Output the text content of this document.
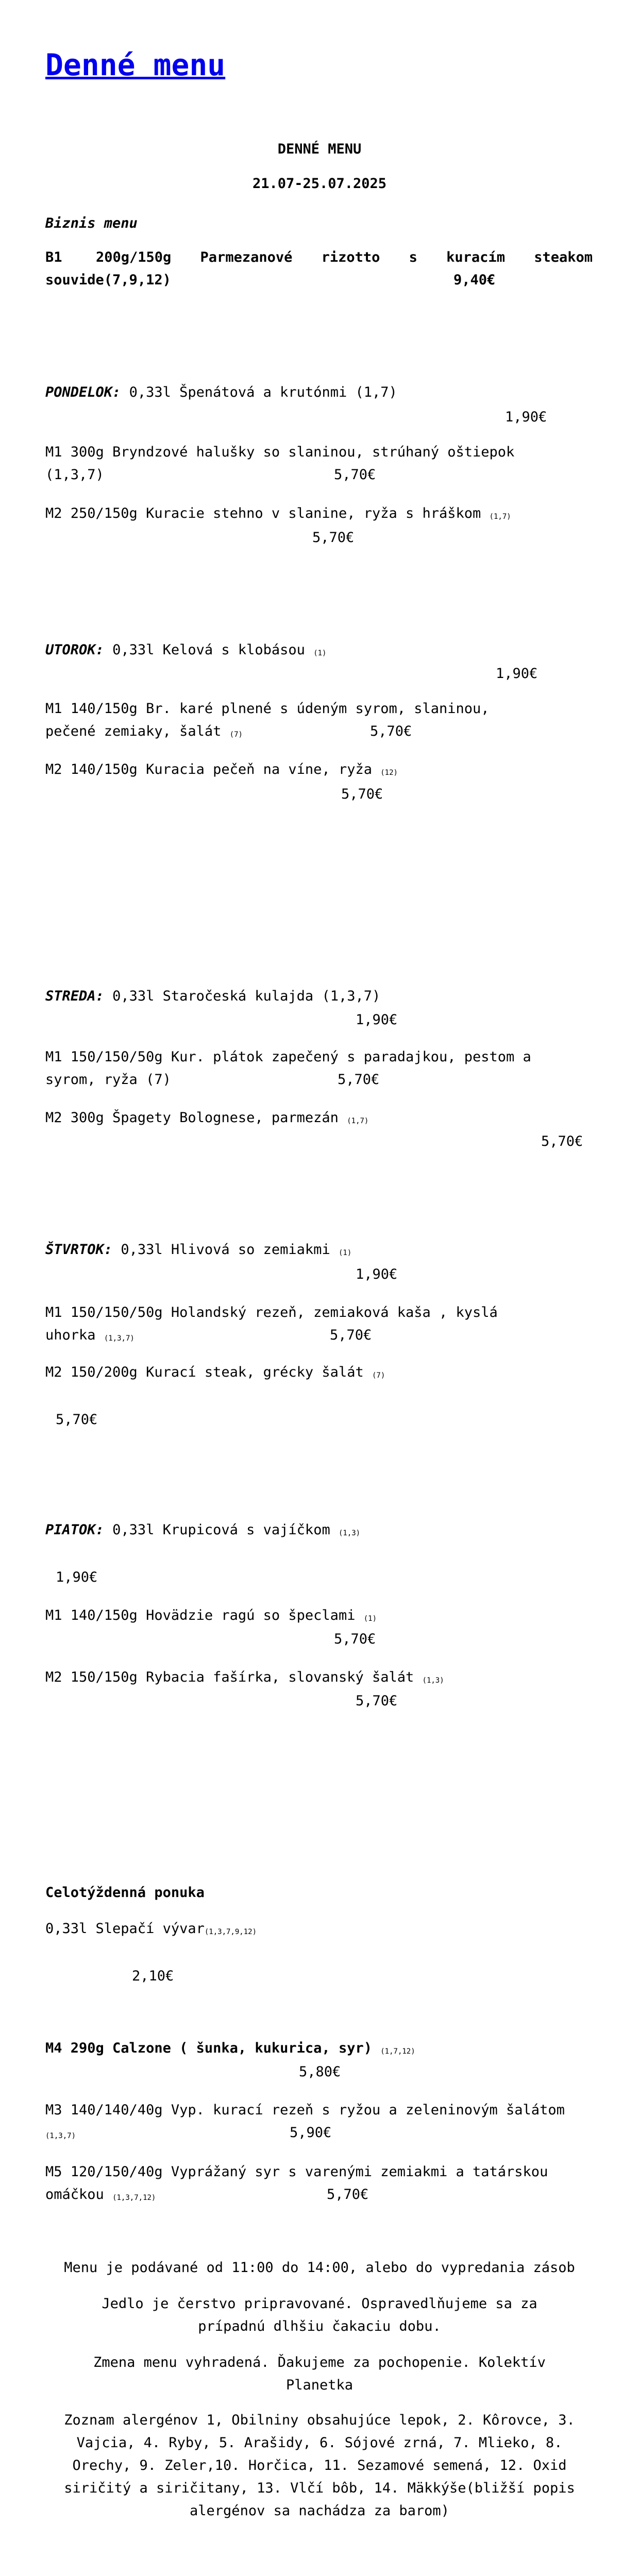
Denné menu
DENNÉ MENU
21.07-25.07.2025
Biznis menu
B1 200g/150g Parmezanové rizotto s kuracím steakom
souvide(7,9,12)	9,40€
PONDELOK: 0,33l Špenátová a krutónmi (1,7)
1,90€
M1 300g Bryndzové halušky so slaninou, strúhaný oštiepok
(1,3,7)	5,70€
M2 250/150g Kuracie stehno v slanine, ryža s hráškom (1,7)
5,70€
UTOROK: 0,33l Kelová s klobásou (1)
1,90€
M1 140/150g Br. karé plnené s údeným syrom, slaninou,
pečené zemiaky, šalát (7)	5,70€
M2 140/150g Kuracia pečeň na víne, ryža (12)
5,70€
STREDA: 0,33l Staročeská kulajda (1,3,7)
1,90€
M1 150/150/50g Kur. plátok zapečený s paradajkou, pestom a
syrom, ryža (7)	5,70€
M2 300g Špagety Bolognese, parmezán (1,7)
5,70€
ŠTVRTOK: 0,33l Hlivová so zemiakmi (1)
1,90€
M1 150/150/50g Holandský rezeň, zemiaková kaša , kyslá
uhorka (1,3,7)	5,70€
M2 150/200g Kurací steak, grécky šalát (7)
5,70€
PIATOK: 0,33l Krupicová s vajíčkom (1,3)
1,90€
M1 140/150g Hovädzie ragú so špeclami (1)
5,70€
M2 150/150g Rybacia fašírka, slovanský šalát (1,3)
5,70€
Celotýždenná ponuka
0,33l Slepačí vývar(1,3,7,9,12)
2,10€
M4 290g Calzone ( šunka, kukurica, syr) (1,7,12)
5,80€
M3 140/140/40g Vyp. kurací rezeň s ryžou a zeleninovým šalátom
(1,3,7)	5,90€
M5 120/150/40g Vyprážaný syr s varenými zemiakmi a tatárskou
omáčkou (1,3,7,12)	5,70€
Menu je podávané od 11:00 do 14:00, alebo do vypredania zásob
Jedlo je čerstvo pripravované. Ospravedlňujeme sa za prípadnú dlhšiu čakaciu dobu.
Zmena menu vyhradená. Ďakujeme za pochopenie. Kolektív Planetka
Zoznam alergénov 1, Obilniny obsahujúce lepok, 2. Kôrovce, 3. Vajcia, 4. Ryby, 5. Arašidy, 6. Sójové zrná, 7. Mlieko, 8. Orechy, 9. Zeler,10. Horčica, 11. Sezamové semená, 12. Oxid siričitý a siričitany, 13. Vlčí bôb, 14. Mäkkýše(bližší popis alergénov sa nachádza za barom)
